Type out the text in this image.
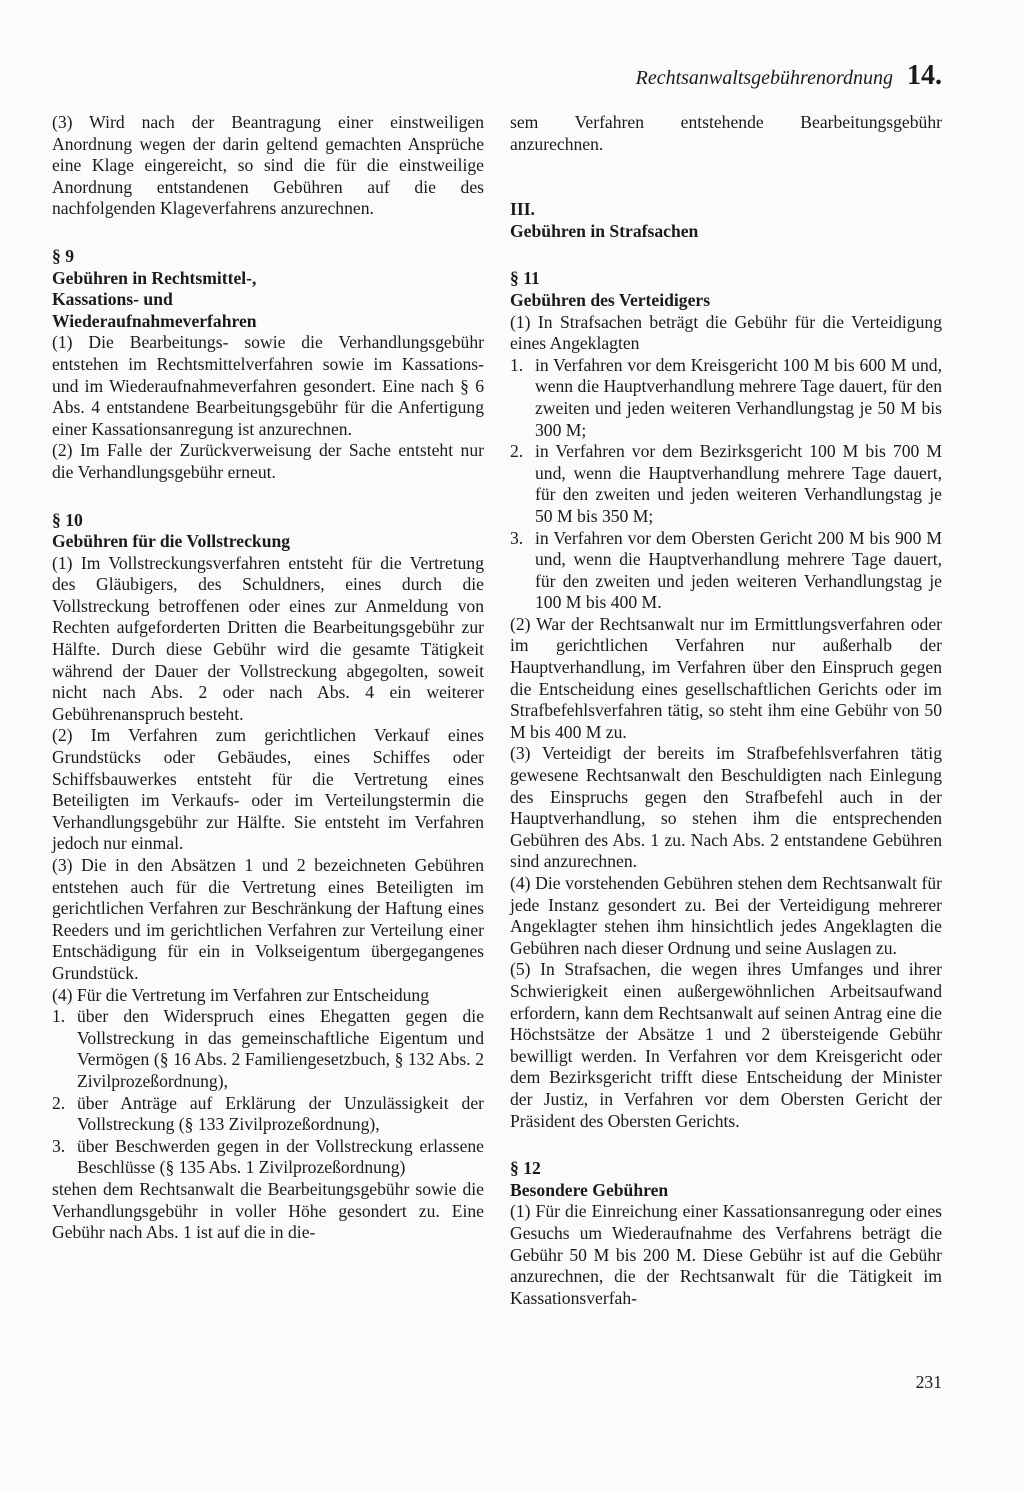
Rechtsanwaltsgebührenordnung 14.

(3) Wird nach der Beantragung einer einstweiligen Anordnung wegen der darin geltend gemachten Ansprüche eine Klage eingereicht, so sind die für die einstweilige Anordnung entstandenen Gebühren auf die des nachfolgenden Klageverfahrens anzurechnen.

§ 9

Gebühren in Rechtsmittel-,

Kassations- und

Wiederaufnahmeverfahren

(1) Die Bearbeitungs- sowie die Verhandlungsgebühr entstehen im Rechtsmittelverfahren sowie im Kassations- und im Wiederaufnahmeverfahren gesondert. Eine nach § 6 Abs. 4 entstandene Bearbeitungsgebühr für die Anfertigung einer Kassationsanregung ist anzurechnen.

(2) Im Falle der Zurückverweisung der Sache entsteht nur die Verhandlungsgebühr erneut.

§ 10

Gebühren für die Vollstreckung

(1) Im Vollstreckungsverfahren entsteht für die Vertretung des Gläubigers, des Schuldners, eines durch die Vollstreckung betroffenen oder eines zur Anmeldung von Rechten aufgeforderten Dritten die Bearbeitungsgebühr zur Hälfte. Durch diese Gebühr wird die gesamte Tätigkeit während der Dauer der Vollstreckung abgegolten, soweit nicht nach Abs. 2 oder nach Abs. 4 ein weiterer Gebührenanspruch besteht.

(2) Im Verfahren zum gerichtlichen Verkauf eines Grundstücks oder Gebäudes, eines Schiffes oder Schiffsbauwerkes entsteht für die Vertretung eines Beteiligten im Verkaufs- oder im Verteilungstermin die Verhandlungsgebühr zur Hälfte. Sie entsteht im Verfahren jedoch nur einmal.

(3) Die in den Absätzen 1 und 2 bezeichneten Gebühren entstehen auch für die Vertretung eines Beteiligten im gerichtlichen Verfahren zur Beschränkung der Haftung eines Reeders und im gerichtlichen Verfahren zur Verteilung einer Entschädigung für ein in Volkseigentum übergegangenes Grundstück.

(4) Für die Vertretung im Verfahren zur Entscheidung

1. über den Widerspruch eines Ehegatten gegen die Vollstreckung in das gemeinschaftliche Eigentum und Vermögen (§ 16 Abs. 2 Familiengesetzbuch, § 132 Abs. 2 Zivilprozeßordnung),
2. über Anträge auf Erklärung der Unzulässigkeit der Vollstreckung (§ 133 Zivilprozeßordnung),
3. über Beschwerden gegen in der Vollstreckung erlassene Beschlüsse (§ 135 Abs. 1 Zivilprozeßordnung)

stehen dem Rechtsanwalt die Bearbeitungsgebühr sowie die Verhandlungsgebühr in voller Höhe gesondert zu. Eine Gebühr nach Abs. 1 ist auf die in die-

sem Verfahren entstehende Bearbeitungsgebühr anzurechnen.

III.

Gebühren in Strafsachen

§ 11

Gebühren des Verteidigers

(1) In Strafsachen beträgt die Gebühr für die Verteidigung eines Angeklagten

1. in Verfahren vor dem Kreisgericht 100 M bis 600 M und, wenn die Hauptverhandlung mehrere Tage dauert, für den zweiten und jeden weiteren Verhandlungstag je 50 M bis 300 M;
2. in Verfahren vor dem Bezirksgericht 100 M bis 700 M und, wenn die Hauptverhandlung mehrere Tage dauert, für den zweiten und jeden weiteren Verhandlungstag je 50 M bis 350 M;
3. in Verfahren vor dem Obersten Gericht 200 M bis 900 M und, wenn die Hauptverhandlung mehrere Tage dauert, für den zweiten und jeden weiteren Verhandlungstag je 100 M bis 400 M.

(2) War der Rechtsanwalt nur im Ermittlungsverfahren oder im gerichtlichen Verfahren nur außerhalb der Hauptverhandlung, im Verfahren über den Einspruch gegen die Entscheidung eines gesellschaftlichen Gerichts oder im Strafbefehlsverfahren tätig, so steht ihm eine Gebühr von 50 M bis 400 M zu.

(3) Verteidigt der bereits im Strafbefehlsverfahren tätig gewesene Rechtsanwalt den Beschuldigten nach Einlegung des Einspruchs gegen den Strafbefehl auch in der Hauptverhandlung, so stehen ihm die entsprechenden Gebühren des Abs. 1 zu. Nach Abs. 2 entstandene Gebühren sind anzurechnen.

(4) Die vorstehenden Gebühren stehen dem Rechtsanwalt für jede Instanz gesondert zu. Bei der Verteidigung mehrerer Angeklagter stehen ihm hinsichtlich jedes Angeklagten die Gebühren nach dieser Ordnung und seine Auslagen zu.

(5) In Strafsachen, die wegen ihres Umfanges und ihrer Schwierigkeit einen außergewöhnlichen Arbeitsaufwand erfordern, kann dem Rechtsanwalt auf seinen Antrag eine die Höchstsätze der Absätze 1 und 2 übersteigende Gebühr bewilligt werden. In Verfahren vor dem Kreisgericht oder dem Bezirksgericht trifft diese Entscheidung der Minister der Justiz, in Verfahren vor dem Obersten Gericht der Präsident des Obersten Gerichts.

§ 12

Besondere Gebühren

(1) Für die Einreichung einer Kassationsanregung oder eines Gesuchs um Wiederaufnahme des Verfahrens beträgt die Gebühr 50 M bis 200 M. Diese Gebühr ist auf die Gebühr anzurechnen, die der Rechtsanwalt für die Tätigkeit im Kassationsverfah-

231
